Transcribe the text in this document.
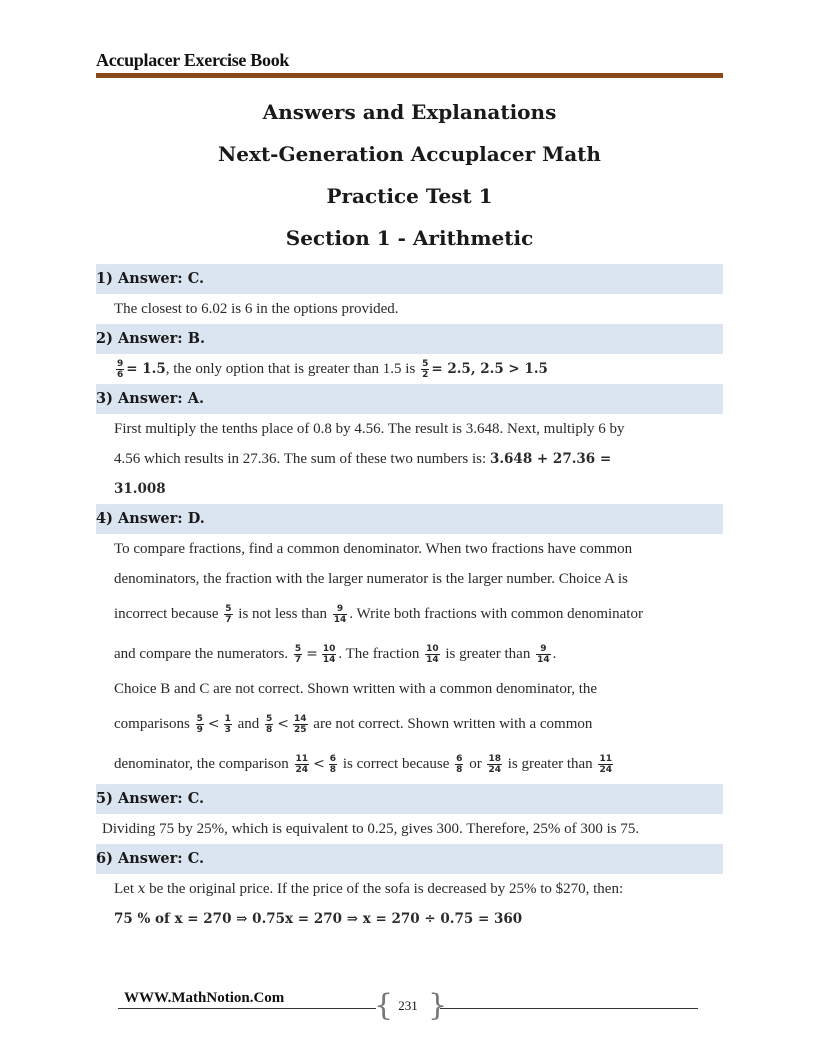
Accuplacer Exercise Book
Answers and Explanations
Next-Generation Accuplacer Math
Practice Test 1
Section 1 - Arithmetic
1) Answer: C.
The closest to 6.02 is 6 in the options provided.
2) Answer: B.
$\frac{9}{6} = 1.5$, the only option that is greater than 1.5 is $\frac{5}{2} = 2.5$, 2.5 > 1.5
3) Answer: A.
First multiply the tenths place of 0.8 by 4.56. The result is 3.648. Next, multiply 6 by
4.56 which results in 27.36. The sum of these two numbers is: 3.648 + 27.36 =
31.008
4) Answer: D.
To compare fractions, find a common denominator. When two fractions have common
denominators, the fraction with the larger numerator is the larger number. Choice A is
incorrect because $\frac{5}{7}$ is not less than $\frac{9}{14}$ . Write both fractions with common denominator
and compare the numerators. $\frac{5}{7} = \frac{10}{14}$ . The fraction $\frac{10}{14}$ is greater than $\frac{9}{14}$ .
Choice B and C are not correct. Shown written with a common denominator, the
comparisons $\frac{5}{9} < \frac{1}{3}$ and $\frac{5}{8} < \frac{14}{25}$ are not correct. Shown written with a common
denominator, the comparison $\frac{11}{24} < \frac{6}{8}$ is correct because $\frac{6}{8}$ or $\frac{18}{24}$ is greater than $\frac{11}{24}$
5) Answer: C.
Dividing 75 by 25%, which is equivalent to 0.25, gives 300. Therefore, 25% of 300 is 75.
6) Answer: C.
Let x be the original price. If the price of the sofa is decreased by 25% to $270, then:
75 % of x = 270 ⇒ 0.75x = 270 ⇒ x = 270 ÷ 0.75 = 360
WWW.MathNotion.Com	{ }
231
